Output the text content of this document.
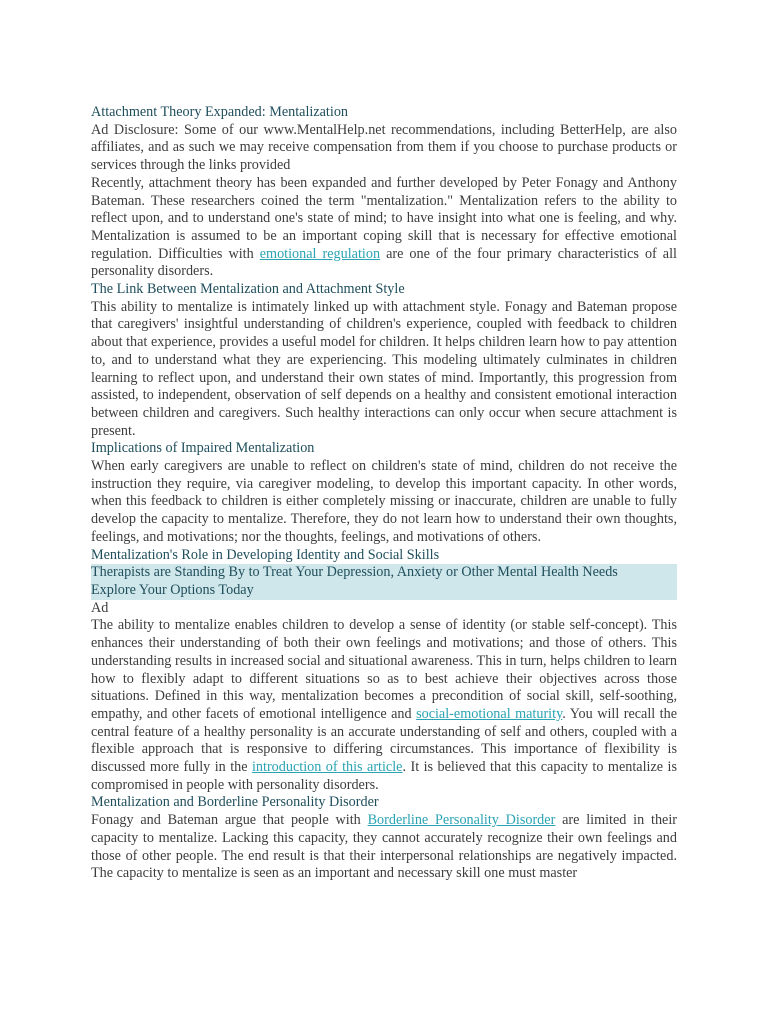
Attachment Theory Expanded: Mentalization

Ad Disclosure: Some of our www.MentalHelp.net recommendations, including BetterHelp, are also affiliates, and as such we may receive compensation from them if you choose to purchase products or services through the links provided

Recently, attachment theory has been expanded and further developed by Peter Fonagy and Anthony Bateman. These researchers coined the term "mentalization." Mentalization refers to the ability to reflect upon, and to understand one's state of mind; to have insight into what one is feeling, and why. Mentalization is assumed to be an important coping skill that is necessary for effective emotional regulation. Difficulties with emotional regulation are one of the four primary characteristics of all personality disorders.

The Link Between Mentalization and Attachment Style

This ability to mentalize is intimately linked up with attachment style. Fonagy and Bateman propose that caregivers' insightful understanding of children's experience, coupled with feedback to children about that experience, provides a useful model for children. It helps children learn how to pay attention to, and to understand what they are experiencing. This modeling ultimately culminates in children learning to reflect upon, and understand their own states of mind. Importantly, this progression from assisted, to independent, observation of self depends on a healthy and consistent emotional interaction between children and caregivers. Such healthy interactions can only occur when secure attachment is present.

Implications of Impaired Mentalization

When early caregivers are unable to reflect on children's state of mind, children do not receive the instruction they require, via caregiver modeling, to develop this important capacity. In other words, when this feedback to children is either completely missing or inaccurate, children are unable to fully develop the capacity to mentalize. Therefore, they do not learn how to understand their own thoughts, feelings, and motivations; nor the thoughts, feelings, and motivations of others.

Mentalization's Role in Developing Identity and Social Skills
Therapists are Standing By to Treat Your Depression, Anxiety or Other Mental Health Needs
Explore Your Options Today

Ad

The ability to mentalize enables children to develop a sense of identity (or stable self-concept). This enhances their understanding of both their own feelings and motivations; and those of others. This understanding results in increased social and situational awareness. This in turn, helps children to learn how to flexibly adapt to different situations so as to best achieve their objectives across those situations. Defined in this way, mentalization becomes a precondition of social skill, self-soothing, empathy, and other facets of emotional intelligence and social-emotional maturity. You will recall the central feature of a healthy personality is an accurate understanding of self and others, coupled with a flexible approach that is responsive to differing circumstances. This importance of flexibility is discussed more fully in the introduction of this article. It is believed that this capacity to mentalize is compromised in people with personality disorders.

Mentalization and Borderline Personality Disorder

Fonagy and Bateman argue that people with Borderline Personality Disorder are limited in their capacity to mentalize. Lacking this capacity, they cannot accurately recognize their own feelings and those of other people. The end result is that their interpersonal relationships are negatively impacted. The capacity to mentalize is seen as an important and necessary skill one must master
